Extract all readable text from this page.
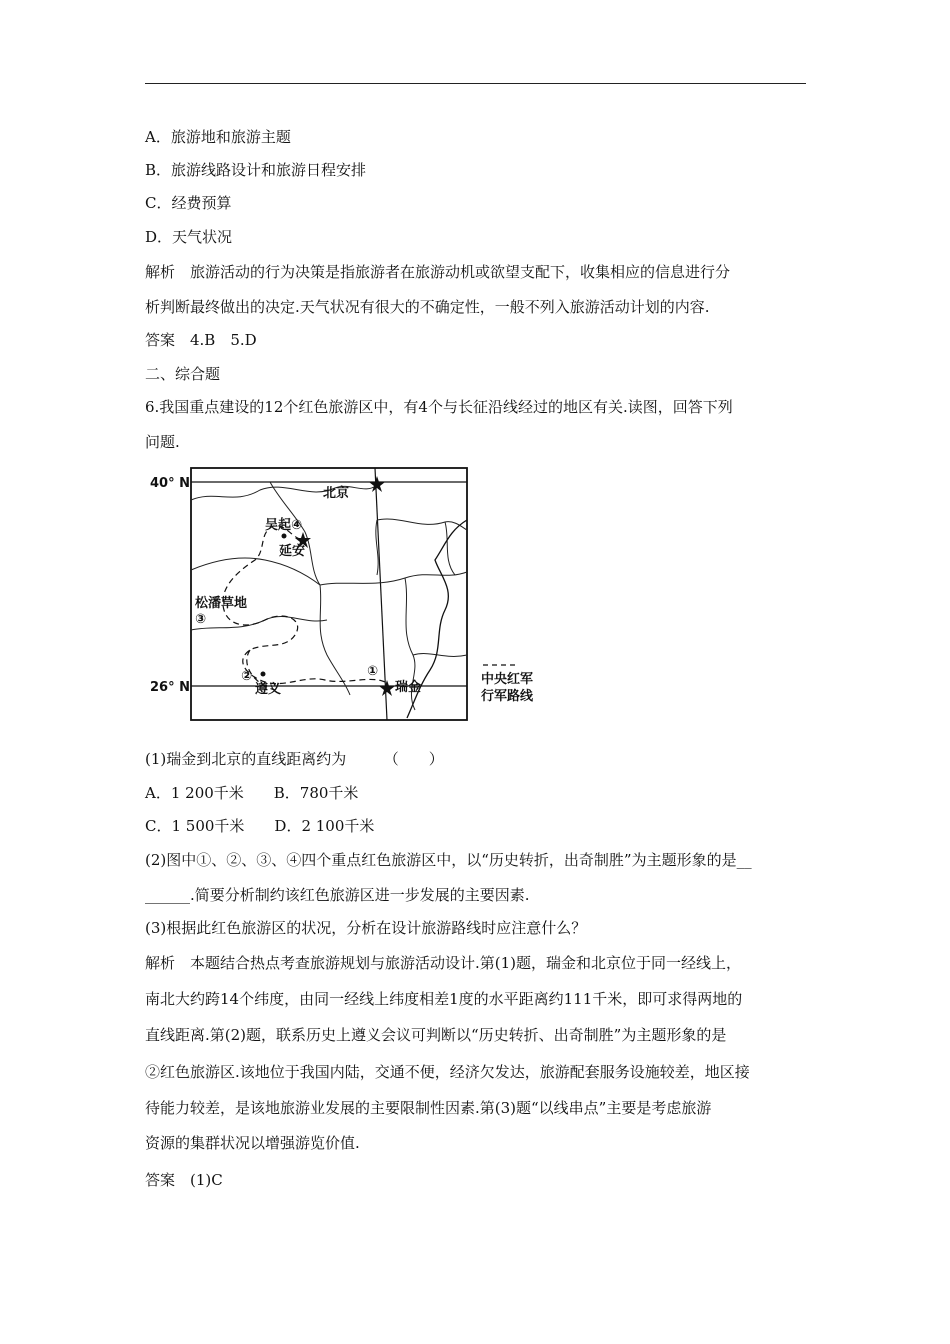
A．旅游地和旅游主题
B．旅游线路设计和旅游日程安排
C．经费预算
D．天气状况
解析　旅游活动的行为决策是指旅游者在旅游动机或欲望支配下，收集相应的信息进行分
析判断最终做出的决定.天气状况有很大的不确定性，一般不列入旅游活动计划的内容.
答案　4.B　5.D
二、综合题
6.我国重点建设的12个红色旅游区中，有4个与长征沿线经过的地区有关.读图，回答下列
问题.
40° N
26° N
北京
吴起④
延安
松潘草地
③
②
遵义
①
瑞金
中央红军
行军路线
(1)瑞金到北京的直线距离约为　　　（　　）
A．1 200千米　　B．780千米
C．1 500千米　　D．2 100千米
(2)图中①、②、③、④四个重点红色旅游区中，以“历史转折，出奇制胜”为主题形象的是__
______.简要分析制约该红色旅游区进一步发展的主要因素.
(3)根据此红色旅游区的状况，分析在设计旅游路线时应注意什么？
解析　本题结合热点考查旅游规划与旅游活动设计.第(1)题，瑞金和北京位于同一经线上，
南北大约跨14个纬度，由同一经线上纬度相差1度的水平距离约111千米，即可求得两地的
直线距离.第(2)题，联系历史上遵义会议可判断以“历史转折、出奇制胜”为主题形象的是
②红色旅游区.该地位于我国内陆，交通不便，经济欠发达，旅游配套服务设施较差，地区接
待能力较差，是该地旅游业发展的主要限制性因素.第(3)题“以线串点”主要是考虑旅游
资源的集群状况以增强游览价值.
答案　(1)C
